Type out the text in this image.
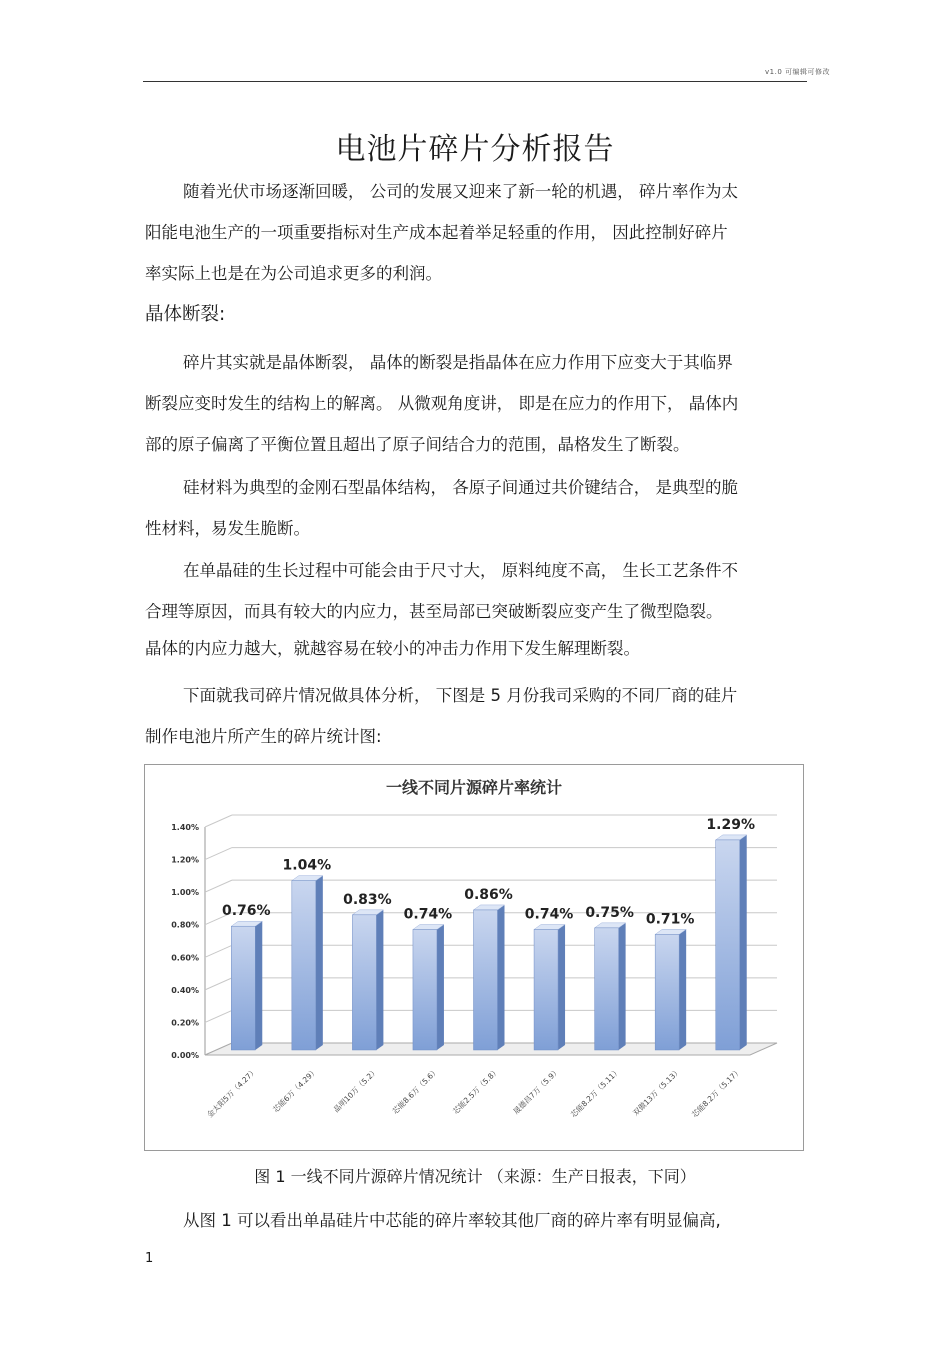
v1.0 可编辑可修改
电池片碎片分析报告

随着光伏市场逐渐回暖， 公司的发展又迎来了新一轮的机遇， 碎片率作为太

阳能电池生产的一项重要指标对生产成本起着举足轻重的作用， 因此控制好碎片

率实际上也是在为公司追求更多的利润。

晶体断裂:

碎片其实就是晶体断裂， 晶体的断裂是指晶体在应力作用下应变大于其临界

断裂应变时发生的结构上的解离。 从微观角度讲， 即是在应力的作用下， 晶体内

部的原子偏离了平衡位置且超出了原子间结合力的范围，晶格发生了断裂。

硅材料为典型的金刚石型晶体结构， 各原子间通过共价键结合， 是典型的脆

性材料，易发生脆断。

在单晶硅的生长过程中可能会由于尺寸大， 原料纯度不高， 生长工艺条件不

合理等原因，而具有较大的内应力，甚至局部已突破断裂应变产生了微型隐裂。

晶体的内应力越大，就越容易在较小的冲击力作用下发生解理断裂。

下面就我司碎片情况做具体分析， 下图是 5 月份我司采购的不同厂商的硅片

制作电池片所产生的碎片统计图:

一线不同片源碎片率统计
0.00%
0.20%
0.40%
0.60%
0.80%
1.00%
1.20%
1.40%
0.76%
金太阳5万（4.27）
1.04%
芯能6万（4.29）
0.83%
晶明10万（5.2）
0.74%
芯能8.6万（5.6）
0.86%
芯能2.5万（5.8）
0.74%
晟德昌7万（5.9）
0.75%
芯能8.2万（5.11）
0.71%
双傲13万（5.13）
1.29%
芯能8.2万（5.17）
图 1 一线不同片源碎片情况统计 （来源：生产日报表，下同）

从图 1 可以看出单晶硅片中芯能的碎片率较其他厂商的碎片率有明显偏高,

1
